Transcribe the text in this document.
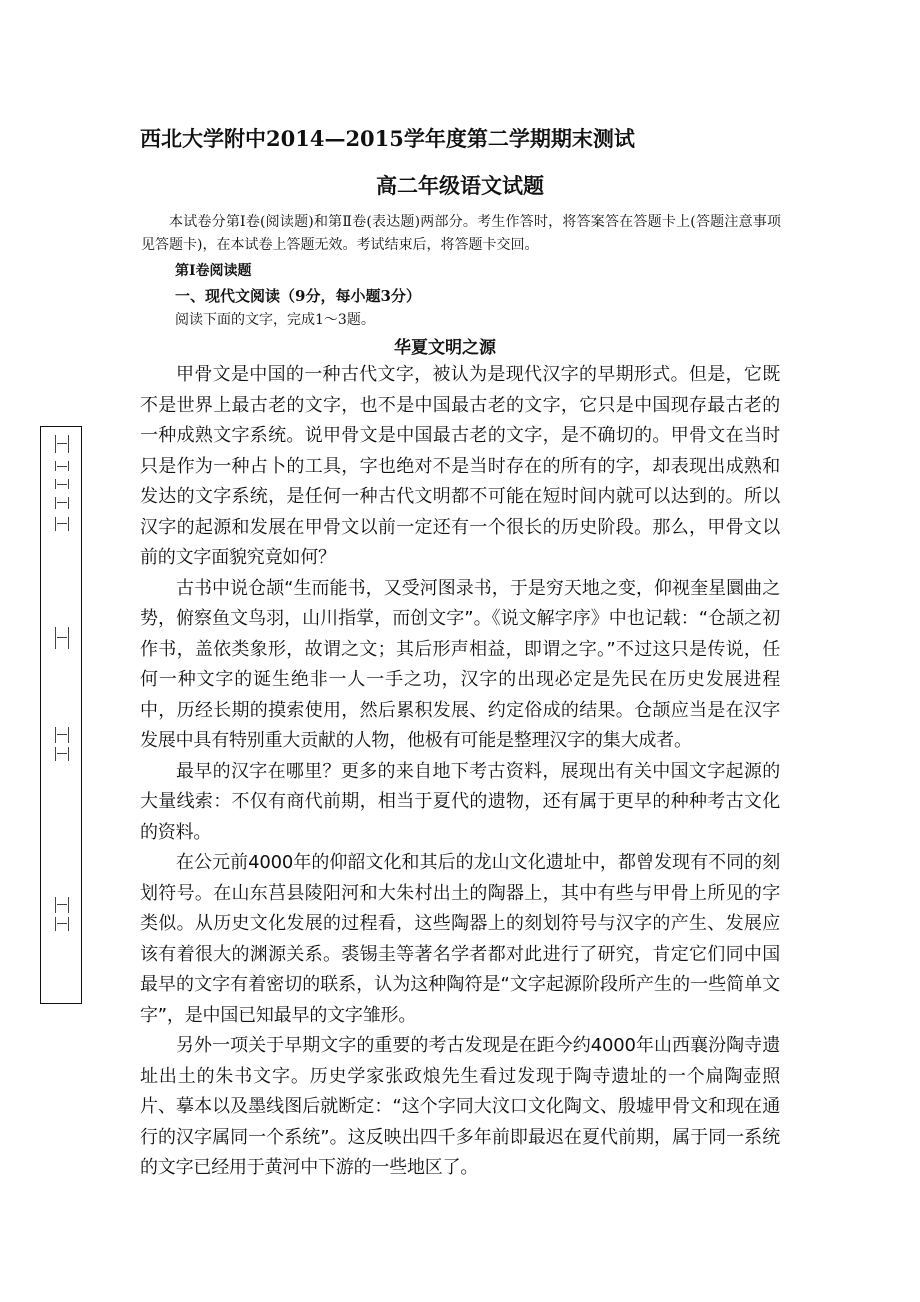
西北大学附中2014—2015学年度第二学期期末测试
高二年级语文试题
本试卷分第Ⅰ卷(阅读题)和第Ⅱ卷(表达题)两部分。考生作答时，将答案答在答题卡上(答题注意事项见答题卡)，在本试卷上答题无效。考试结束后，将答题卡交回。
第Ⅰ卷阅读题
一、现代文阅读（9分，每小题3分）
阅读下面的文字，完成1～3题。
华夏文明之源

甲骨文是中国的一种古代文字，被认为是现代汉字的早期形式。但是，它既不是世界上最古老的文字，也不是中国最古老的文字，它只是中国现存最古老的一种成熟文字系统。说甲骨文是中国最古老的文字，是不确切的。甲骨文在当时只是作为一种占卜的工具，字也绝对不是当时存在的所有的字，却表现出成熟和发达的文字系统，是任何一种古代文明都不可能在短时间内就可以达到的。所以汉字的起源和发展在甲骨文以前一定还有一个很长的历史阶段。那么，甲骨文以前的文字面貌究竟如何？

古书中说仓颉“生而能书，又受河图录书，于是穷天地之变，仰视奎星圜曲之势，俯察鱼文鸟羽，山川指掌，而创文字”。《说文解字序》中也记载：“仓颉之初作书，盖依类象形，故谓之文；其后形声相益，即谓之字。”不过这只是传说，任何一种文字的诞生绝非一人一手之功，汉字的出现必定是先民在历史发展进程中，历经长期的摸索使用，然后累积发展、约定俗成的结果。仓颉应当是在汉字发展中具有特别重大贡献的人物，他极有可能是整理汉字的集大成者。

最早的汉字在哪里？更多的来自地下考古资料，展现出有关中国文字起源的大量线索：不仅有商代前期，相当于夏代的遗物，还有属于更早的种种考古文化的资料。

在公元前4000年的仰韶文化和其后的龙山文化遗址中，都曾发现有不同的刻划符号。在山东莒县陵阳河和大朱村出土的陶器上，其中有些与甲骨上所见的字类似。从历史文化发展的过程看，这些陶器上的刻划符号与汉字的产生、发展应该有着很大的渊源关系。裘锡圭等著名学者都对此进行了研究，肯定它们同中国最早的文字有着密切的联系，认为这种陶符是“文字起源阶段所产生的一些简单文字”，是中国已知最早的文字雏形。

另外一项关于早期文字的重要的考古发现是在距今约4000年山西襄汾陶寺遗址出土的朱书文字。历史学家张政烺先生看过发现于陶寺遗址的一个扁陶壶照片、摹本以及墨线图后就断定：“这个字同大汶口文化陶文、殷墟甲骨文和现在通行的汉字属同一个系统”。这反映出四千多年前即最迟在夏代前期，属于同一系统的文字已经用于黄河中下游的一些地区了。
